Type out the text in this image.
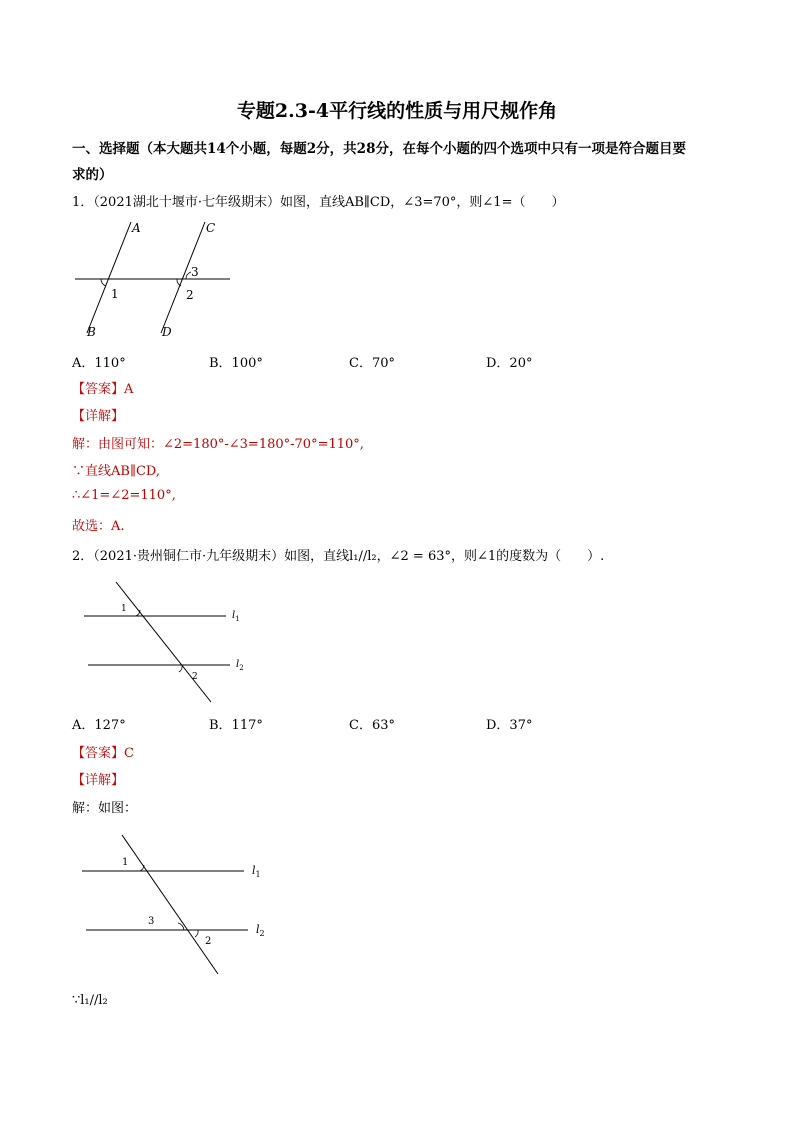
专题2.3-4平行线的性质与用尺规作角
一、选择题（本大题共14个小题，每题2分，共28分，在每个小题的四个选项中只有一项是符合题目要
求的）
1．（2021湖北十堰市·七年级期末）如图，直线AB∥CD，∠3=70°，则∠1=（　　）
A	C
B	D
1	2
3
A．110°	B．100°	C．70°	D．20°
【答案】A
【详解】
解：由图可知：∠2=180°-∠3=180°-70°=110°,
∵直线AB∥CD,
∴∠1=∠2=110°,
故选：A.
2．（2021·贵州铜仁市·九年级期末）如图，直线l₁//l₂，∠2 = 63°，则∠1的度数为（　　）.
1
2
$l_1$
$l_2$
A．127°	B．117°	C．63°	D．37°
【答案】C
【详解】
解：如图：
1
3
2
$l_1$
$l_2$
∵l₁//l₂
